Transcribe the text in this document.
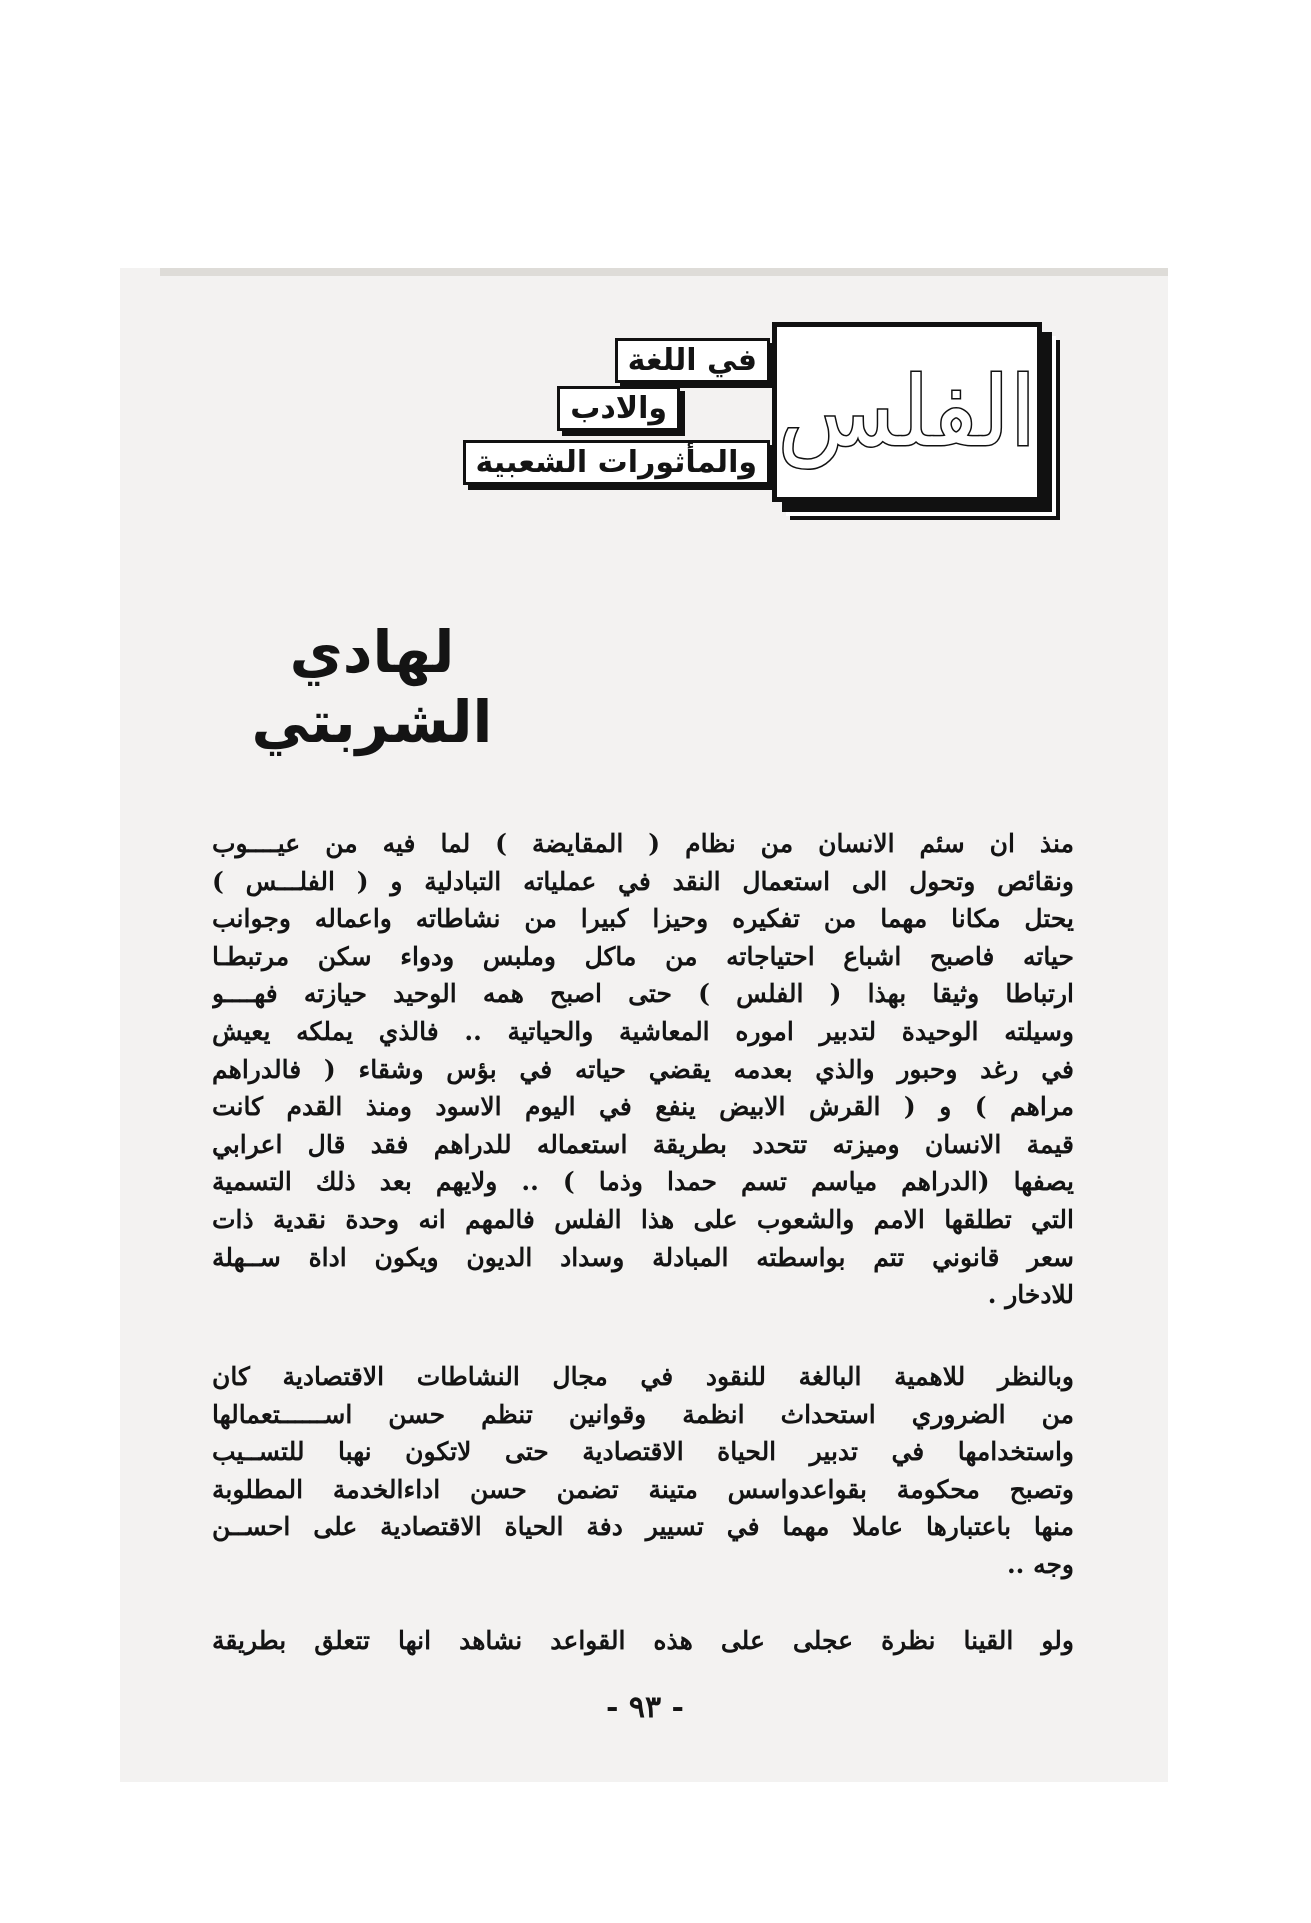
الفلس
في اللغة
والادب
والمأثورات الشعبية
لهادي الشربتي
منذ ان سئم الانسان من نظام ( المقايضة ) لما فيه من عيــــوب
ونقائص وتحول الى استعمال النقد في عملياته التبادلية و ( الفلـــس )
يحتل مكانا مهما من تفكيره وحيزا كبيرا من نشاطاته واعماله وجوانب
حياته فاصبح اشباع احتياجاته من ماكل وملبس ودواء سكن مرتبطـا
ارتباطا وثيقا بهذا ( الفلس ) حتى اصبح همه الوحيد حيازته فهــــو
وسيلته الوحيدة لتدبير اموره المعاشية والحياتية .. فالذي يملكه يعيش
في رغد وحبور والذي بعدمه يقضي حياته في بؤس وشقاء ( فالدراهم
مراهم ) و ( القرش الابيض ينفع في اليوم الاسود ومنذ القدم كانت
قيمة الانسان وميزته تتحدد بطريقة استعماله للدراهم فقد قال اعرابي
يصفها (الدراهم مياسم تسم حمدا وذما ) .. ولايهم بعد ذلك التسمية
التي تطلقها الامم والشعوب على هذا الفلس فالمهم انه وحدة نقدية ذات
سعر قانوني تتم بواسطته المبادلة وسداد الديون ويكون اداة ســهلة
للادخار .
وبالنظر للاهمية البالغة للنقود في مجال النشاطات الاقتصادية كان
من الضروري استحداث انظمة وقوانين تنظم حسن اســــــتعمالها
واستخدامها في تدبير الحياة الاقتصادية حتى لاتكون نهبا للتســيب
وتصبح محكومة بقواعدواسس متينة تضمن حسن اداءالخدمة المطلوبة
منها باعتبارها عاملا مهما في تسيير دفة الحياة الاقتصادية على احســن
وجه ..
ولو القينا نظرة عجلى على هذه القواعد نشاهد انها تتعلق بطريقة
- ٩٣ -
